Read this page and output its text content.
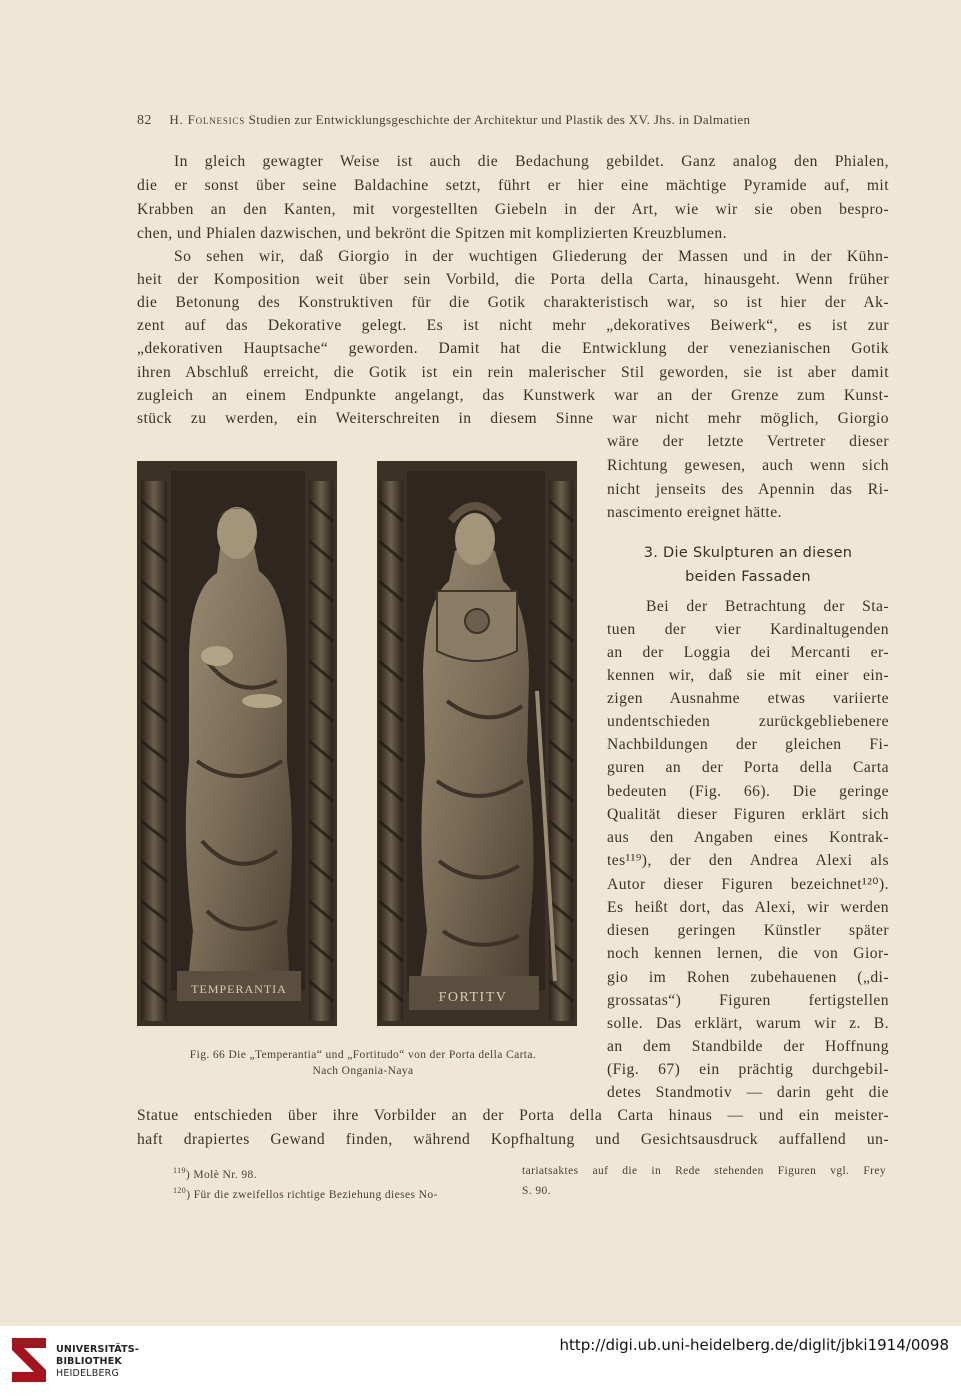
82 H. Folnesics Studien zur Entwicklungsgeschichte der Architektur und Plastik des XV. Jhs. in Dalmatien
In gleich gewagter Weise ist auch die Bedachung gebildet. Ganz analog den Phialen,
die er sonst über seine Baldachine setzt, führt er hier eine mächtige Pyramide auf, mit
Krabben an den Kanten, mit vorgestellten Giebeln in der Art, wie wir sie oben bespro-
chen, und Phialen dazwischen, und bekrönt die Spitzen mit komplizierten Kreuzblumen.
So sehen wir, daß Giorgio in der wuchtigen Gliederung der Massen und in der Kühn-
heit der Komposition weit über sein Vorbild, die Porta della Carta, hinausgeht. Wenn früher
die Betonung des Konstruktiven für die Gotik charakteristisch war, so ist hier der Ak-
zent auf das Dekorative gelegt. Es ist nicht mehr „dekoratives Beiwerk“, es ist zur
„dekorativen Hauptsache“ geworden. Damit hat die Entwicklung der venezianischen Gotik
ihren Abschluß erreicht, die Gotik ist ein rein malerischer Stil geworden, sie ist aber damit
zugleich an einem Endpunkte angelangt, das Kunstwerk war an der Grenze zum Kunst-
stück zu werden, ein Weiterschreiten in diesem Sinne war nicht mehr möglich, Giorgio
wäre der letzte Vertreter dieser
Richtung gewesen, auch wenn sich
nicht jenseits des Apennin das Ri-
nascimento ereignet hätte.
3. Die Skulpturen an diesen
beiden Fassaden
Bei der Betrachtung der Sta-
tuen der vier Kardinaltugenden
an der Loggia dei Mercanti er-
kennen wir, daß sie mit einer ein-
zigen Ausnahme etwas variierte
undentschieden zurückgebliebenere
Nachbildungen der gleichen Fi-
guren an der Porta della Carta
bedeuten (Fig. 66). Die geringe
Qualität dieser Figuren erklärt sich
aus den Angaben eines Kontrak-
tes¹¹⁹), der den Andrea Alexi als
Autor dieser Figuren bezeichnet¹²⁰).
Es heißt dort, das Alexi, wir werden
diesen geringen Künstler später
noch kennen lernen, die von Gior-
gio im Rohen zubehauenen („di-
grossatas“) Figuren fertigstellen
solle. Das erklärt, warum wir z. B.
an dem Standbilde der Hoffnung
(Fig. 67) ein prächtig durchgebil-
detes Standmotiv — darin geht die
Statue entschieden über ihre Vorbilder an der Porta della Carta hinaus — und ein meister-
haft drapiertes Gewand finden, während Kopfhaltung und Gesichtsausdruck auffallend un-
TEMPERANTIA
FORTITV
Fig. 66 Die „Temperantia“ und „Fortitudo“ von der Porta della Carta.
Nach Ongania-Naya
$^{119}$) Molè Nr. 98.
$^{120}$) Für die zweifellos richtige Beziehung dieses No-
tariatsaktes auf die in Rede stehenden Figuren vgl. Frey
S. 90.
UNIVERSITÄTS-
BIBLIOTHEK
HEIDELBERG
http://digi.ub.uni-heidelberg.de/diglit/jbki1914/0098
